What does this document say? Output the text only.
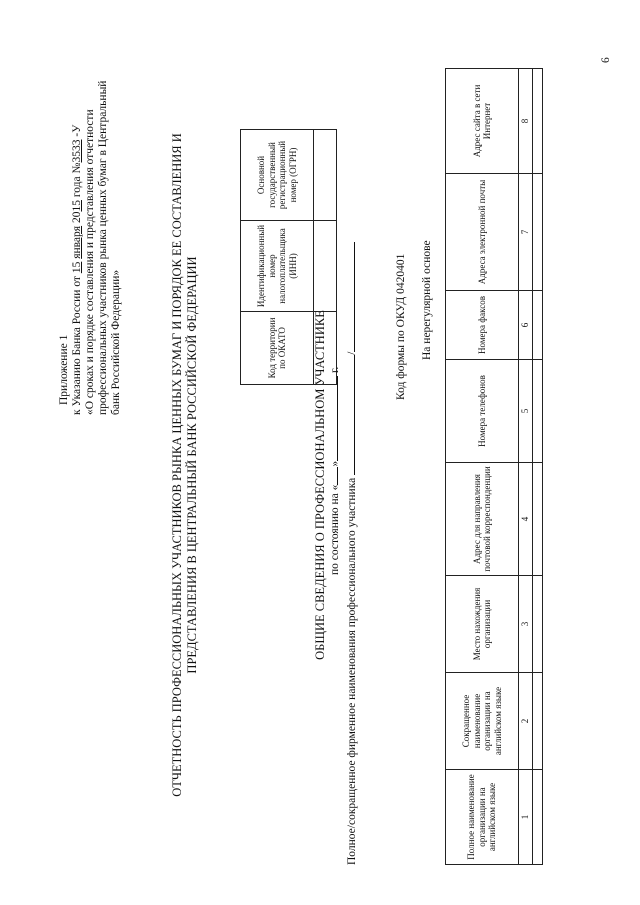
Приложение 1 к Указанию Банка России от 15 января 2015 года №3533 -У «О сроках и порядке составления и представления отчетности профессиональных участников рынка ценных бумаг в Центральный банк Российской Федерации»	ОТЧЕТНОСТЬ ПРОФЕССИОНАЛЬНЫХ УЧАСТНИКОВ РЫНКА ЦЕННЫХ БУМАГ И ПОРЯДОК ЕЕ СОСТАВЛЕНИЯ И ПРЕДСТАВЛЕНИЯ В ЦЕНТРАЛЬНЫЙ БАНК РОССИЙСКОЙ ФЕДЕРАЦИИ	Код территории по ОКАТО	Идентификационный номер налогоплательщика (ИНН)	Основной государственный регистрационный номер (ОГРН)

ОБЩИЕ СВЕДЕНИЯ О ПРОФЕССИОНАЛЬНОМ УЧАСТНИКЕ по состоянию на «» г.
Полное/сокращенное фирменное наименования профессионального участника /	Код формы по ОКУД 0420401 На нерегулярной основе
Полное наименование организации на английском языке	Сокращенное наименование организации на английском языке	Место нахождения организации	Адрес для направления почтовой корреспонденции	Номера телефонов	Номера факсов	Адреса электронной почты	Адрес сайта в сети Интернет
1	2	3	4	5	6	7	8

6
